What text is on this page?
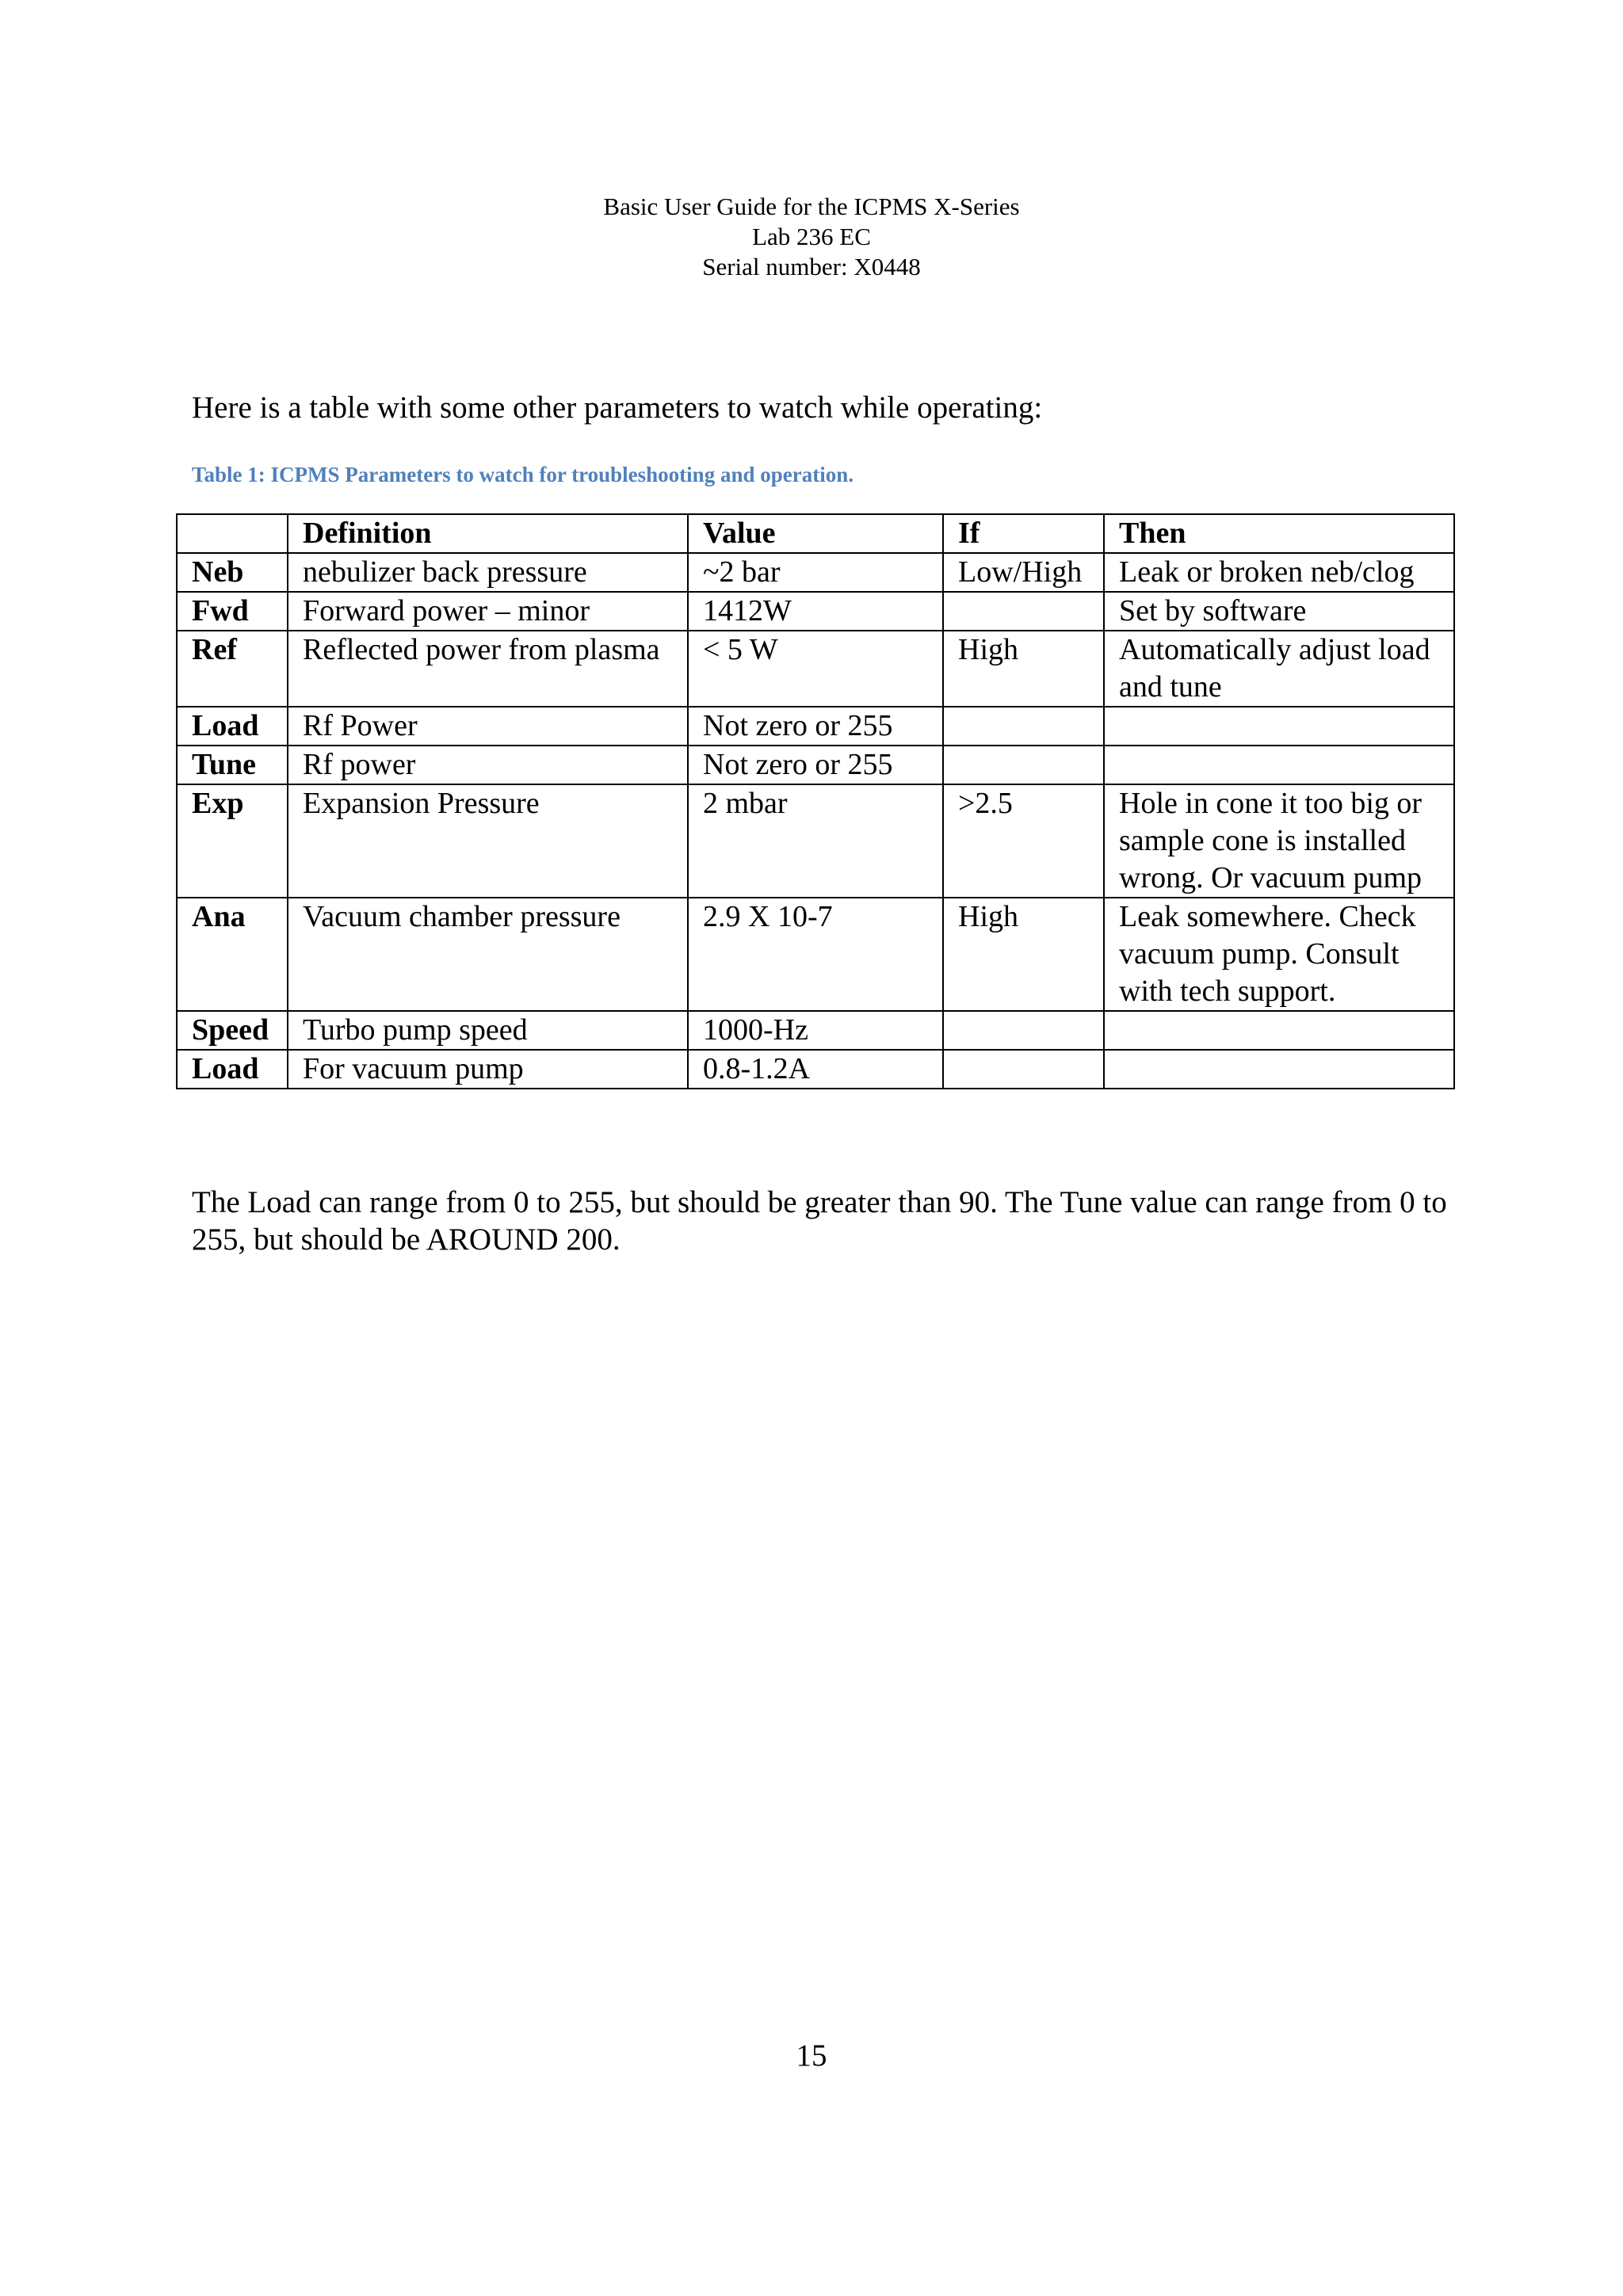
Basic User Guide for the ICPMS X-Series
Lab 236 EC
Serial number: X0448
Here is a table with some other parameters to watch while operating:
Table 1: ICPMS Parameters to watch for troubleshooting and operation.
	Definition	Value	If	Then
Neb	nebulizer back pressure	~2 bar	Low/High	Leak or broken neb/clog
Fwd	Forward power – minor	1412W		Set by software
Ref	Reflected power from plasma	< 5 W	High	Automatically adjust load and tune
Load	Rf Power	Not zero or 255		
Tune	Rf power	Not zero or 255		
Exp	Expansion Pressure	2 mbar	>2.5	Hole in cone it too big or sample cone is installed wrong. Or vacuum pump
Ana	Vacuum chamber pressure	2.9 X 10-7	High	Leak somewhere. Check vacuum pump. Consult with tech support.
Speed	Turbo pump speed	1000-Hz		
Load	For vacuum pump	0.8-1.2A		
The Load can range from 0 to 255, but should be greater than 90. The Tune value can range from 0 to 255, but should be AROUND 200.
15
